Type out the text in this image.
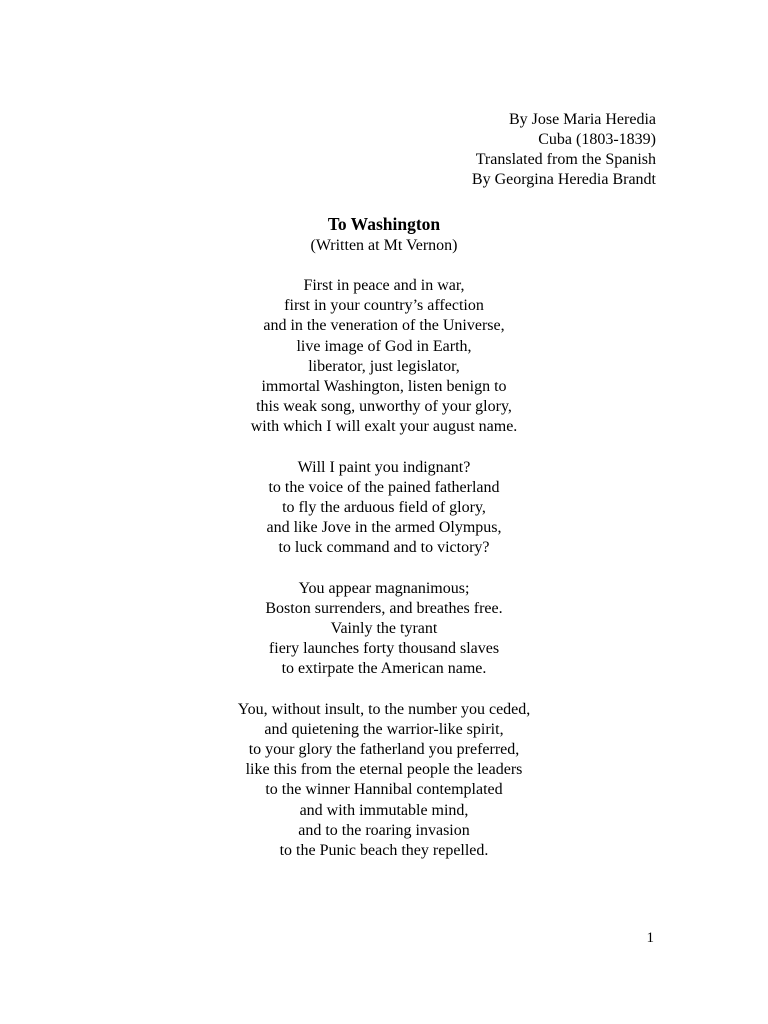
By Jose Maria Heredia
Cuba (1803-1839)
Translated from the Spanish
By Georgina Heredia Brandt
To Washington
(Written at Mt Vernon)
First in peace and in war,
first in your country’s affection
and in the veneration of the Universe,
live image of God in Earth,
liberator, just legislator,
immortal Washington, listen benign to
this weak song, unworthy of your glory,
with which I will exalt your august name.
Will I paint you indignant?
to the voice of the pained fatherland
to fly the arduous field of glory,
and like Jove in the armed Olympus,
to luck command and to victory?
You appear magnanimous;
Boston surrenders, and breathes free.
Vainly the tyrant
fiery launches forty thousand slaves
to extirpate the American name.
You, without insult, to the number you ceded,
and quietening the warrior-like spirit,
to your glory the fatherland you preferred,
like this from the eternal people the leaders
to the winner Hannibal contemplated
and with immutable mind,
and to the roaring invasion
to the Punic beach they repelled.
1
